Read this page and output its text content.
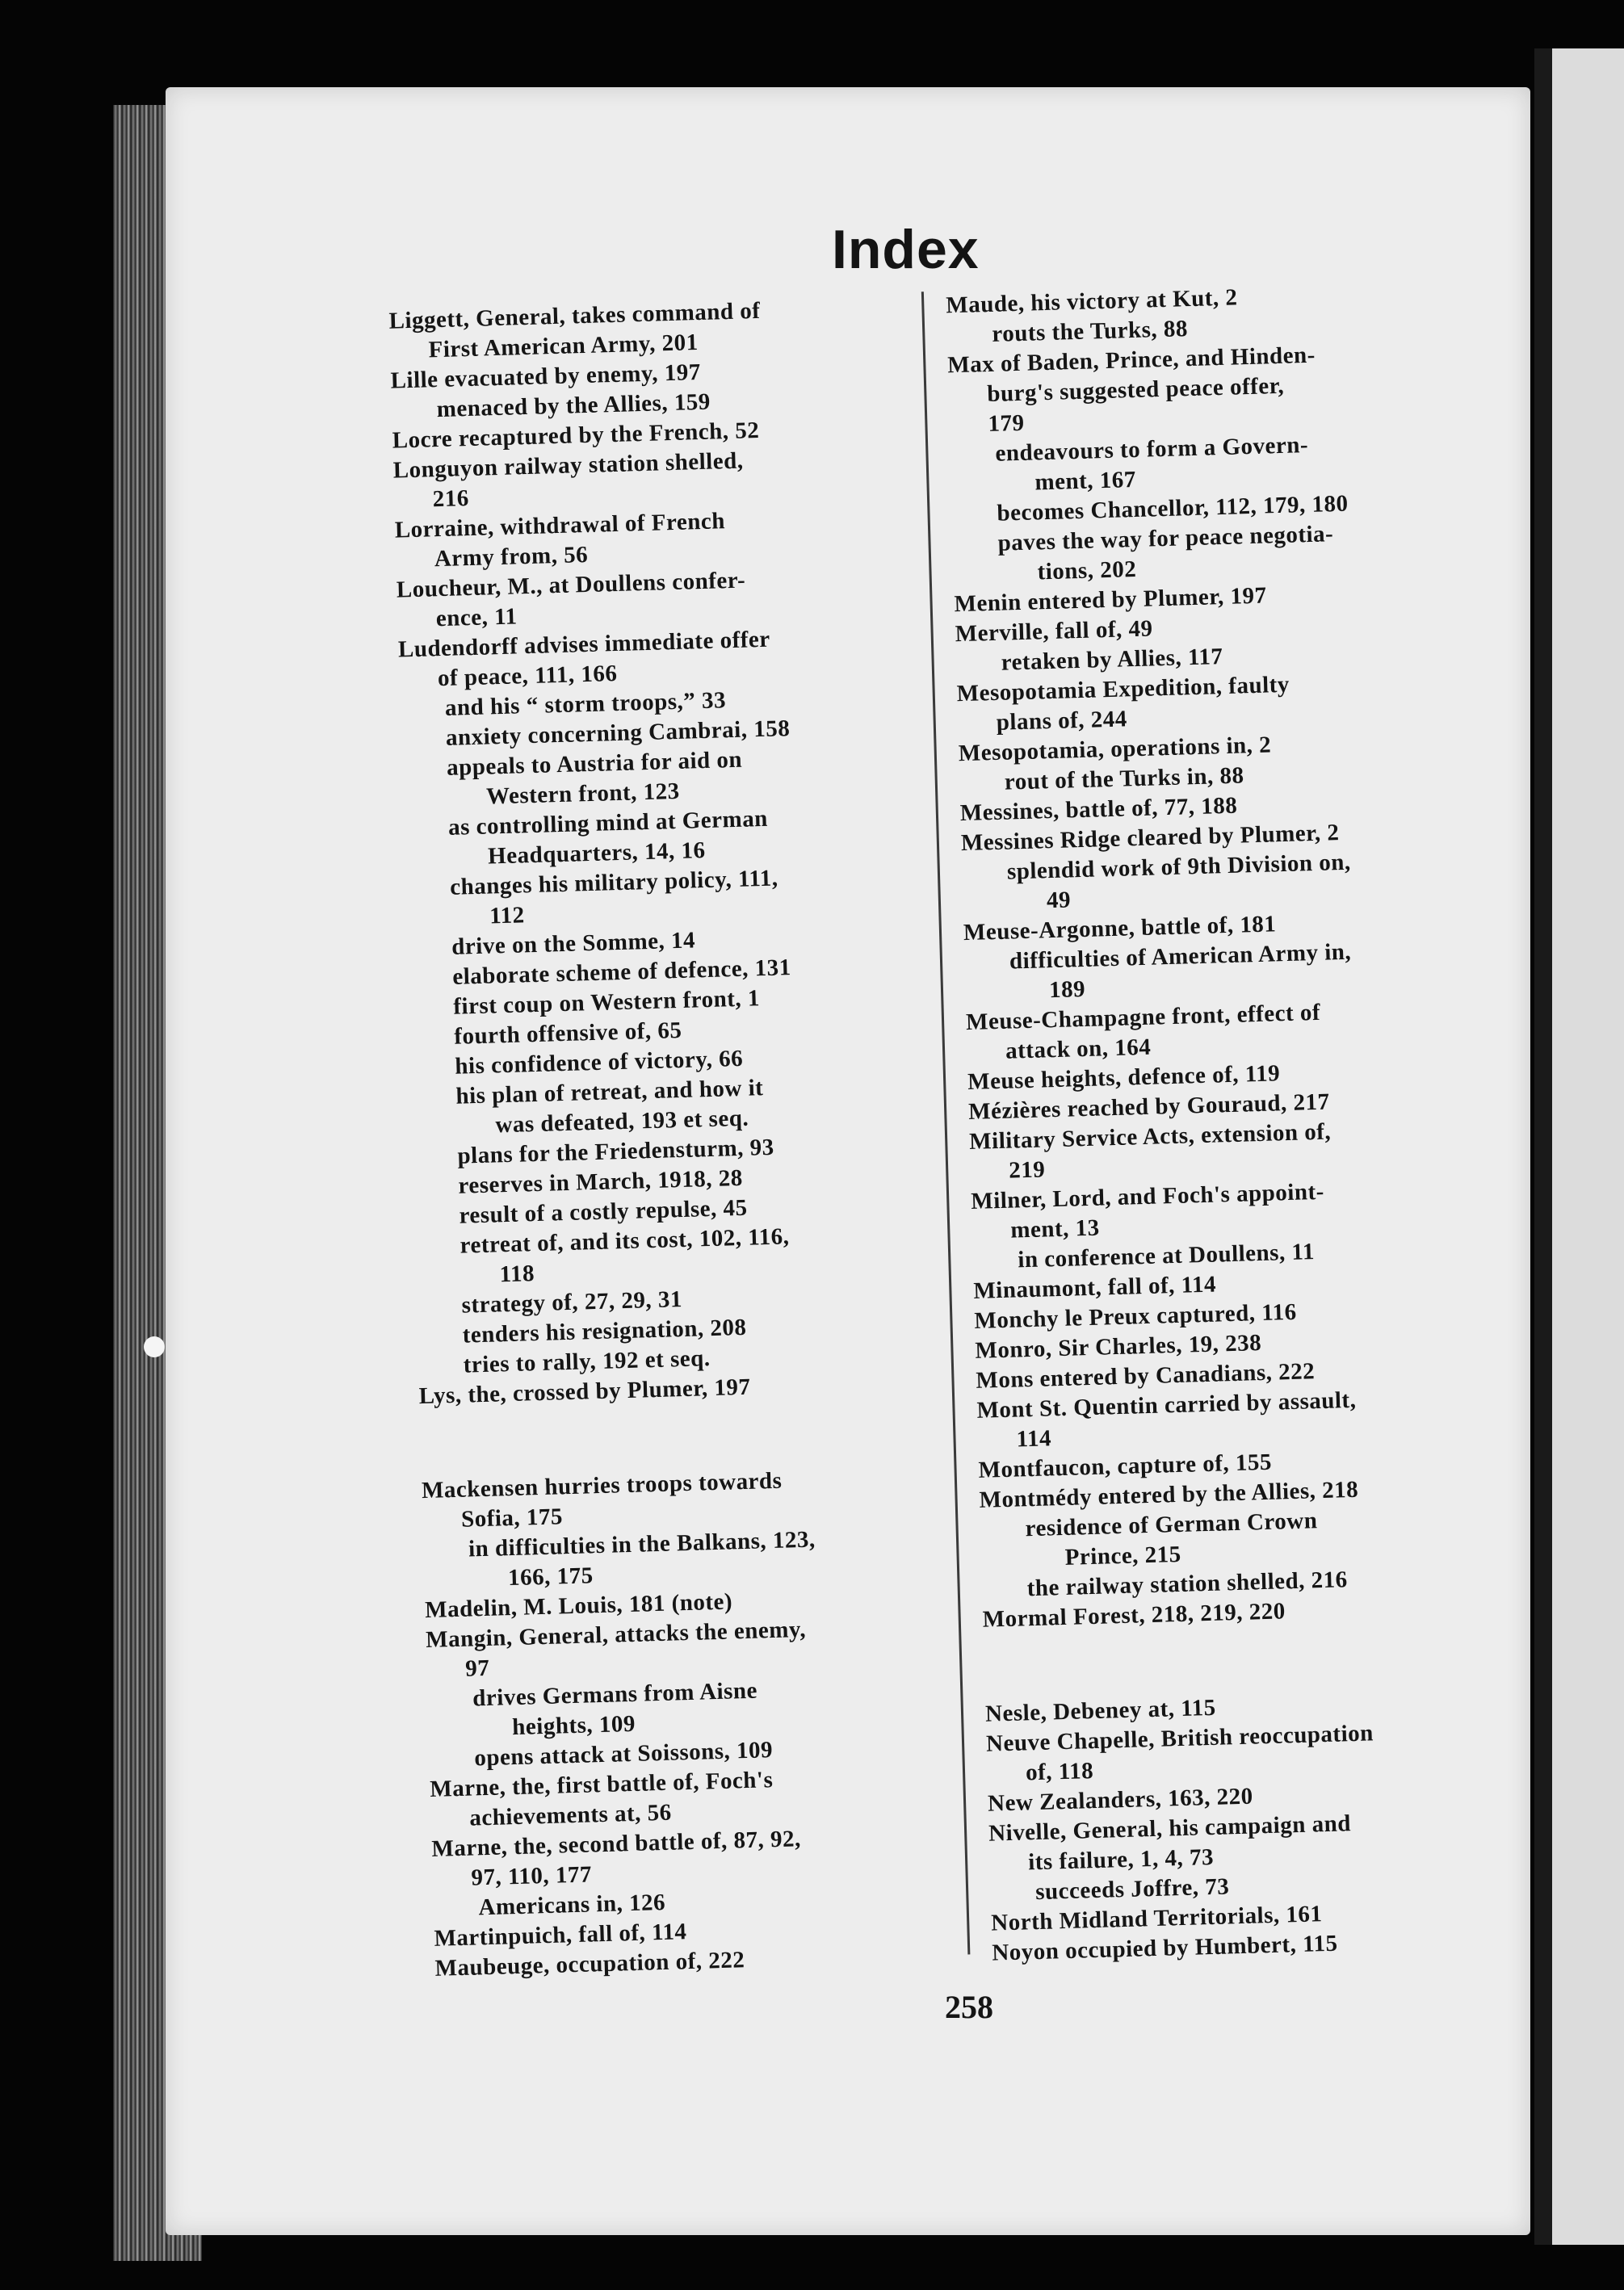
Index
Liggett, General, takes command of
First American Army, 201
Lille evacuated by enemy, 197
menaced by the Allies, 159
Locre recaptured by the French, 52
Longuyon railway station shelled,
216
Lorraine, withdrawal of French
Army from, 56
Loucheur, M., at Doullens confer-
ence, 11
Ludendorff advises immediate offer
of peace, 111, 166
and his “ storm troops,” 33
anxiety concerning Cambrai, 158
appeals to Austria for aid on
Western front, 123
as controlling mind at German
Headquarters, 14, 16
changes his military policy, 111,
112
drive on the Somme, 14
elaborate scheme of defence, 131
first coup on Western front, 1
fourth offensive of, 65
his confidence of victory, 66
his plan of retreat, and how it
was defeated, 193 et seq.
plans for the Friedensturm, 93
reserves in March, 1918, 28
result of a costly repulse, 45
retreat of, and its cost, 102, 116,
118
strategy of, 27, 29, 31
tenders his resignation, 208
tries to rally, 192 et seq.
Lys, the, crossed by Plumer, 197
Mackensen hurries troops towards
Sofia, 175
in difficulties in the Balkans, 123,
166, 175
Madelin, M. Louis, 181 (note)
Mangin, General, attacks the enemy,
97
drives Germans from Aisne
heights, 109
opens attack at Soissons, 109
Marne, the, first battle of, Foch's
achievements at, 56
Marne, the, second battle of, 87, 92,
97, 110, 177
Americans in, 126
Martinpuich, fall of, 114
Maubeuge, occupation of, 222
Maude, his victory at Kut, 2
routs the Turks, 88
Max of Baden, Prince, and Hinden-
burg's suggested peace offer,
179
endeavours to form a Govern-
ment, 167
becomes Chancellor, 112, 179, 180
paves the way for peace negotia-
tions, 202
Menin entered by Plumer, 197
Merville, fall of, 49
retaken by Allies, 117
Mesopotamia Expedition, faulty
plans of, 244
Mesopotamia, operations in, 2
rout of the Turks in, 88
Messines, battle of, 77, 188
Messines Ridge cleared by Plumer, 2
splendid work of 9th Division on,
49
Meuse-Argonne, battle of, 181
difficulties of American Army in,
189
Meuse-Champagne front, effect of
attack on, 164
Meuse heights, defence of, 119
Mézières reached by Gouraud, 217
Military Service Acts, extension of,
219
Milner, Lord, and Foch's appoint-
ment, 13
in conference at Doullens, 11
Minaumont, fall of, 114
Monchy le Preux captured, 116
Monro, Sir Charles, 19, 238
Mons entered by Canadians, 222
Mont St. Quentin carried by assault,
114
Montfaucon, capture of, 155
Montmédy entered by the Allies, 218
residence of German Crown
Prince, 215
the railway station shelled, 216
Mormal Forest, 218, 219, 220
Nesle, Debeney at, 115
Neuve Chapelle, British reoccupation
of, 118
New Zealanders, 163, 220
Nivelle, General, his campaign and
its failure, 1, 4, 73
succeeds Joffre, 73
North Midland Territorials, 161
Noyon occupied by Humbert, 115
258
